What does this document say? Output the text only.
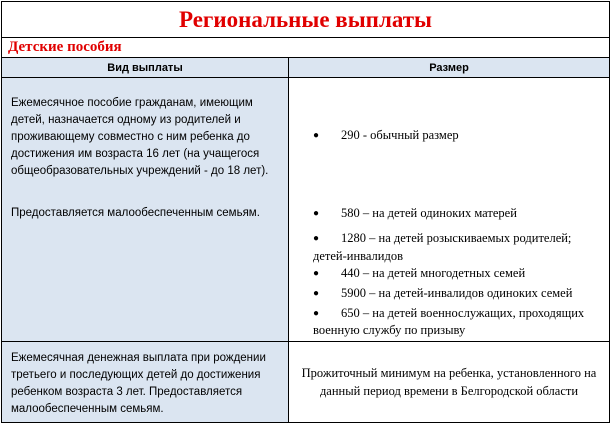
Региональные выплаты
Детские пособия
Вид выплаты	Размер
Ежемесячное пособие гражданам, имеющим
детей, назначается одному из родителей и
проживающему совместно с ним ребенка до
достижения им возраста 16 лет (на учащегося
общеобразовательных учреждений - до 18 лет).
Предоставляется малообеспеченным семьям.
● 290 - обычный размер
● 580 – на детей одиноких матерей
● 1280 – на детей розыскиваемых родителей;
детей-инвалидов
● 440 – на детей многодетных семей
● 5900 – на детей-инвалидов одиноких семей
● 650 – на детей военнослужащих, проходящих
военную службу по призыву
Ежемесячная денежная выплата при рождении
третьего и последующих детей до достижения
ребенком возраста 3 лет. Предоставляется
малообеспеченным семьям.
Прожиточный минимум на ребенка, установленного на
данный период времени в Белгородской области
